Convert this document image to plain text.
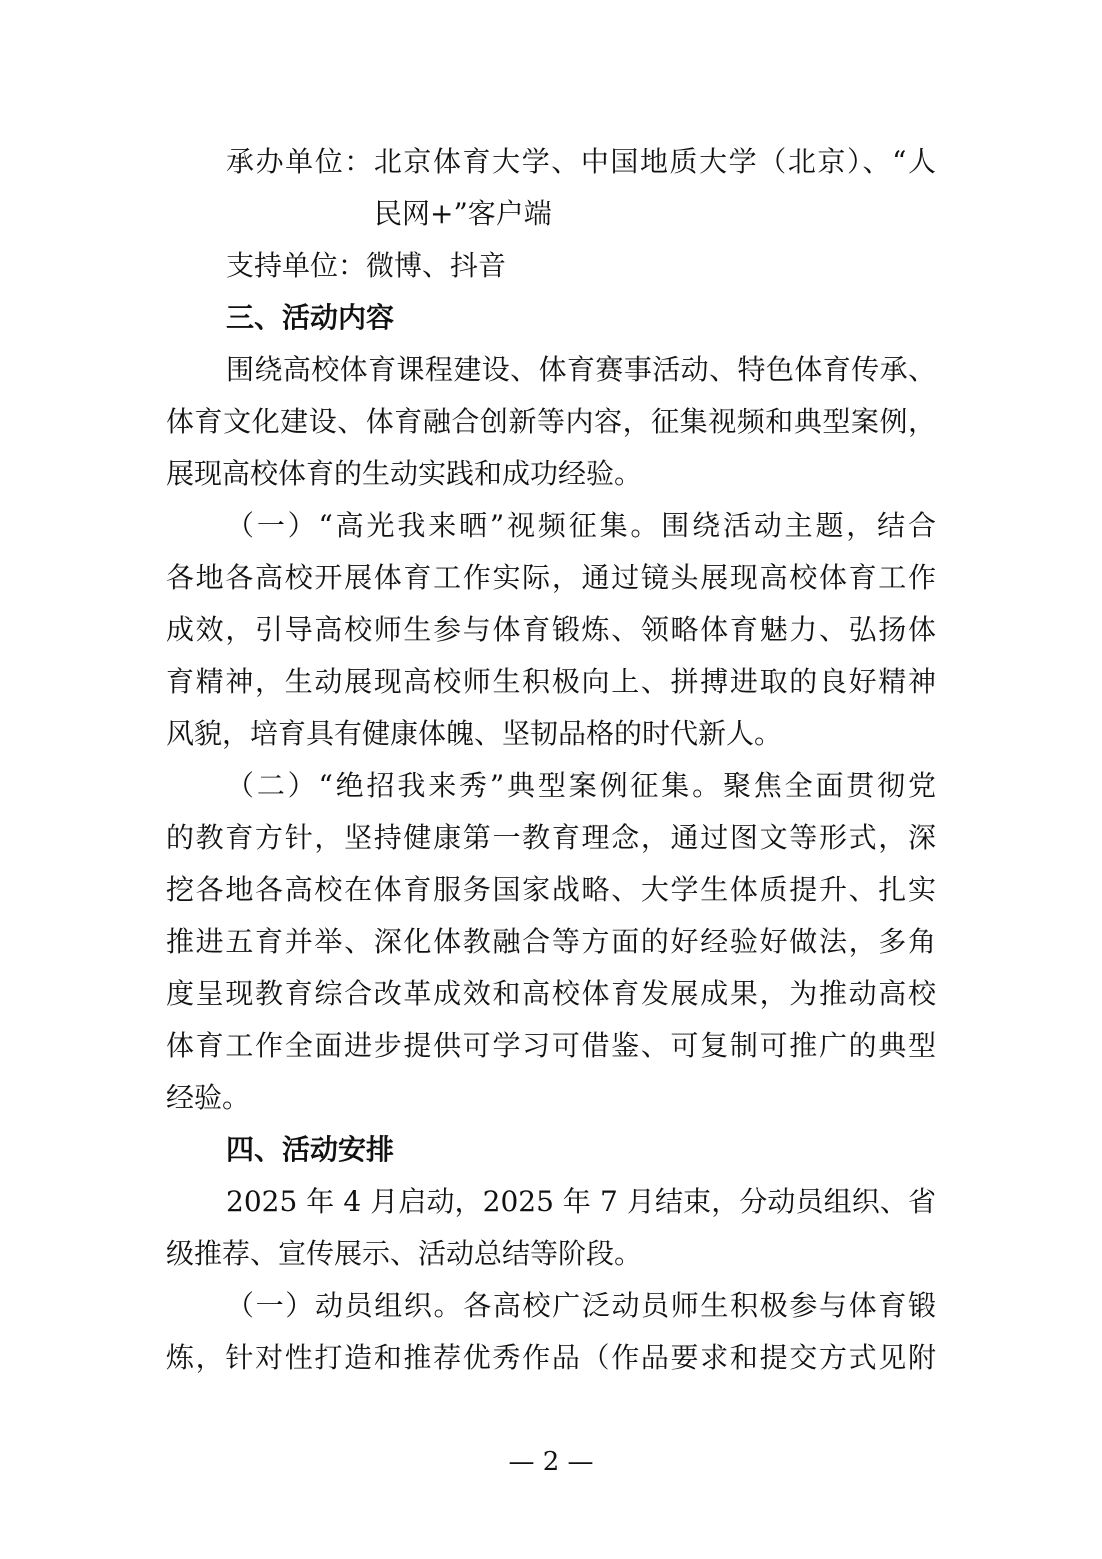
承办单位：北京体育大学、中国地质大学（北京）、“人
民网+”客户端
支持单位：微博、抖音
三、活动内容
围绕高校体育课程建设、体育赛事活动、特色体育传承、
体育文化建设、体育融合创新等内容，征集视频和典型案例，
展现高校体育的生动实践和成功经验。
（一）“高光我来晒”视频征集。围绕活动主题，结合
各地各高校开展体育工作实际，通过镜头展现高校体育工作
成效，引导高校师生参与体育锻炼、领略体育魅力、弘扬体
育精神，生动展现高校师生积极向上、拼搏进取的良好精神
风貌，培育具有健康体魄、坚韧品格的时代新人。
（二）“绝招我来秀”典型案例征集。聚焦全面贯彻党
的教育方针，坚持健康第一教育理念，通过图文等形式，深
挖各地各高校在体育服务国家战略、大学生体质提升、扎实
推进五育并举、深化体教融合等方面的好经验好做法，多角
度呈现教育综合改革成效和高校体育发展成果，为推动高校
体育工作全面进步提供可学习可借鉴、可复制可推广的典型
经验。
四、活动安排
2025 年 4 月启动，2025 年 7 月结束，分动员组织、省
级推荐、宣传展示、活动总结等阶段。
（一）动员组织。各高校广泛动员师生积极参与体育锻
炼，针对性打造和推荐优秀作品（作品要求和提交方式见附
— 2 —
